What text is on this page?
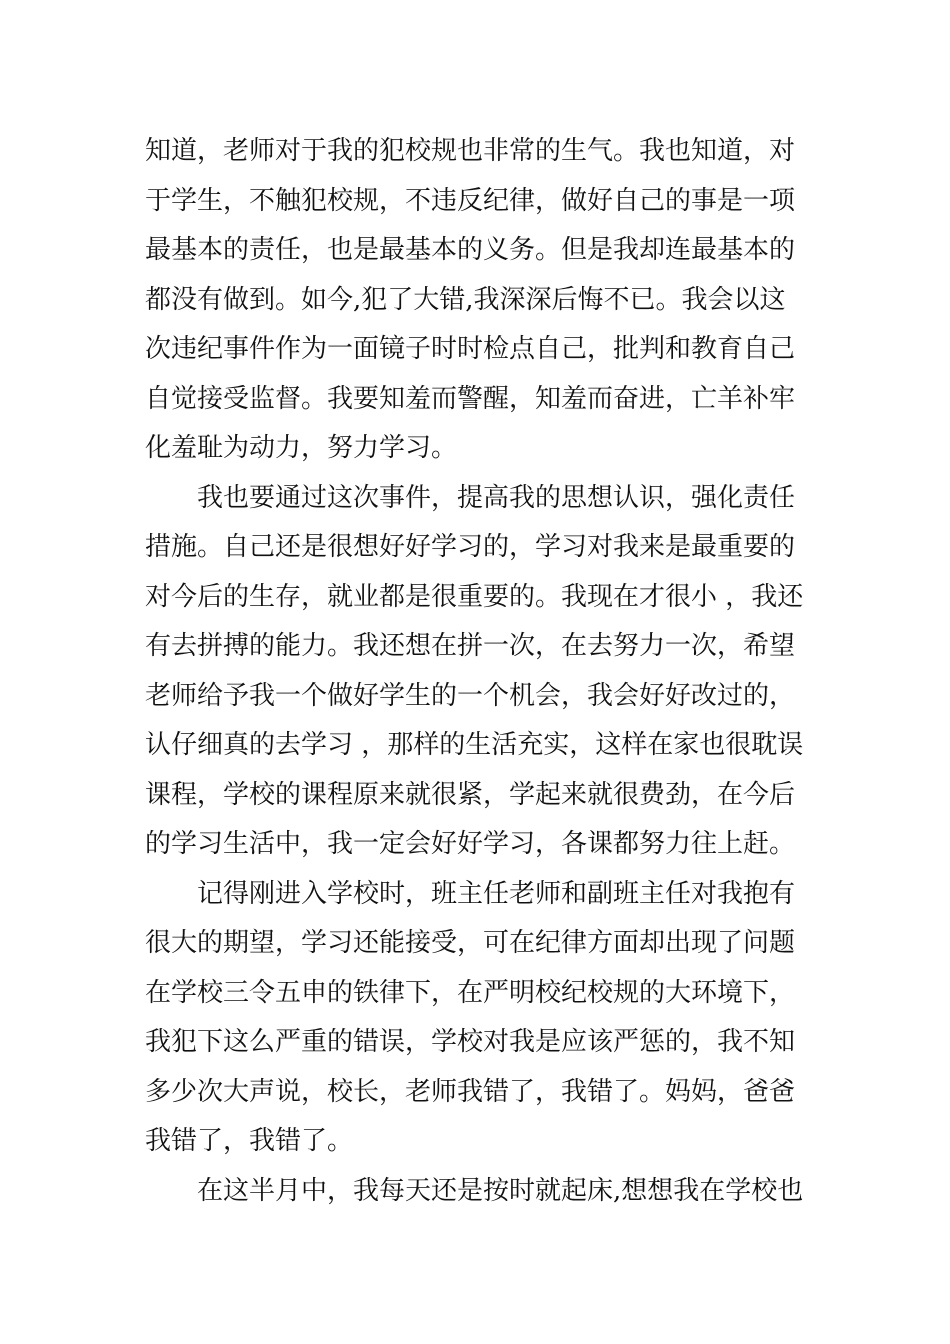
知道，老师对于我的犯校规也非常的生气。我也知道，对
于学生，不触犯校规，不违反纪律，做好自己的事是一项
最基本的责任，也是最基本的义务。但是我却连最基本的
都没有做到。如今,犯了大错,我深深后悔不已。我会以这
次违纪事件作为一面镜子时时检点自己，批判和教育自己
自觉接受监督。我要知羞而警醒，知羞而奋进，亡羊补牢
化羞耻为动力，努力学习。
我也要通过这次事件，提高我的思想认识，强化责任
措施。自己还是很想好好学习的，学习对我来是最重要的
对今后的生存，就业都是很重要的。我现在才很小 ，我还
有去拼搏的能力。我还想在拼一次，在去努力一次，希望
老师给予我一个做好学生的一个机会，我会好好改过的，
认仔细真的去学习 ，那样的生活充实，这样在家也很耽误
课程，学校的课程原来就很紧，学起来就很费劲，在今后
的学习生活中，我一定会好好学习，各课都努力往上赶。
记得刚进入学校时，班主任老师和副班主任对我抱有
很大的期望，学习还能接受，可在纪律方面却出现了问题
在学校三令五申的铁律下，在严明校纪校规的大环境下，
我犯下这么严重的错误，学校对我是应该严惩的，我不知
多少次大声说，校长，老师我错了，我错了。妈妈，爸爸
我错了，我错了。
在这半月中，我每天还是按时就起床,想想我在学校也
